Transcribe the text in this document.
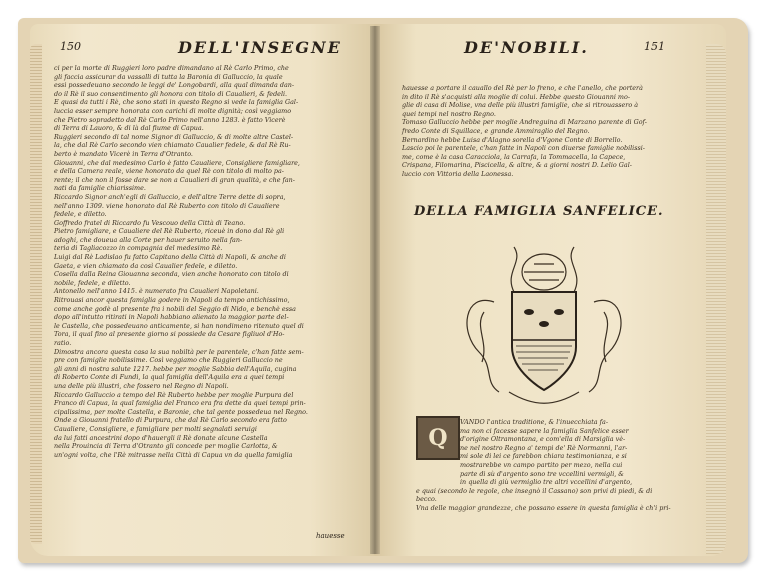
150	DELL'INSEGNE

ci per la morte di Ruggieri loro padre dimandano al Rè Carlo Primo, che

gli faccia assicurar da vassalli di tutta la Baronia di Galluccio, la quale

essi possedeuano secondo le leggi de' Longobardi, alla qual dimanda dan-

do il Rè il suo consentimento gli honora con titolo di Caualieri, & fedeli.

E quasi da tutti i Rè, che sono stati in questo Regno si vede la famiglia Gal-

luccia esser sempre honorata con carichi di molte dignità; così veggiamo

che Pietro sopradetto dal Rè Carlo Primo nell'anno 1283. è fatto Vicerè

di Terra di Lauoro, & di là dal fiume di Capua.

Ruggieri secondo di tal nome Signor di Galluccio, & di molte altre Castel-

la, che dal Rè Carlo secondo vien chiamato Caualier fedele, & dal Rè Ru-

berto è mandato Vicerè in Terra d'Otranto.

Giouanni, che dal medesimo Carlo è fatto Caualiere, Consigliere famigliare,

e della Camera reale, viene honorato da quel Rè con titolo di molto pa-

rente; il che non il fosse dare se non a Caualieri di gran qualità, e che fan-

nati da famiglie chiarissime.

Riccardo Signor anch'egli di Galluccio, e dell'altre Terre dette di sopra,

nell'anno 1309. viene honorato dal Rè Ruberto con titolo di Caualiere

fedele, e diletto.

Goffredo fratel di Riccardo fu Vescouo della Città di Teano.

Pietro famigliare, e Caualiere del Rè Ruberto, riceuè in dono dal Rè gli

adoghi, che doueua alla Corte per hauer seruito nella fan-

teria di Tagliacozzo in compagnia del medesimo Rè.

Luigi dal Rè Ladislao fu fatto Capitano della Città di Napoli, & anche di

Gaeta, e vien chiamato da così Caualier fedele, e diletto.

Cosella dalla Reina Giouanna seconda, vien anche honorato con titolo di

nobile, fedele, e diletto.

Antonello nell'anno 1415. è numerato fra Caualieri Napoletani.

Ritrouasi ancor questa famiglia godere in Napoli da tempo antichissimo,

come anche godè al presente fra i nobili del Seggio di Nido, e benchè essa

dopo all'intutto ritirati in Napoli habbiano alienato la maggior parte del-

le Castella, che possedeuano anticamente, si han nondimeno ritenuto quel di

Tora, il qual fino al presente giorno si possiede da Cesare figliuol d'Ho-

ratio.

Dimostra ancora questa casa la sua nobiltà per le parentele, c'han fatte sem-

pre con famiglie nobilissime. Così veggiamo che Ruggieri Galluccio ne

gli anni di nostra salute 1217. hebbe per moglie Sabbia dell'Aquila, cugina

di Roberto Conte di Fundi, la qual famiglia dell'Aquila era a quei tempi

una delle più illustri, che fossero nel Regno di Napoli.

Riccardo Galluccio a tempo del Rè Ruberto hebbe per moglie Purpura del

Franco di Capua, la qual famiglia del Franco era fra dette da quei tempi prin-

cipalissima, per molte Castella, e Baronie, che tal gente possedeua nel Regno.

Onde a Giouanni fratello di Purpura, che dal Rè Carlo secondo era fatto

Caualiere, Consigliere, e famigliare per molti segnalati seruigi

da lui fatti ancestrini dopo d'hauergli il Rè donate alcune Castella

nella Prouincia di Terra d'Otranto gli concede per moglie Carlotta, &

un'ogni volta, che l'Rè mitrasse nella Città di Capua vn da quella famiglia

hauesse
DE'NOBILI.	151

hauesse a portare il cauallo del Rè per lo freno, e che l'anello, che porterà

in dito il Rè s'acquisti alla moglie di colui. Hebbe questo Giouanni mo-

glie di casa di Molise, vna delle più illustri famiglie, che si ritrouassero à

quei tempi nel nostro Regno.

Tomaso Galluccio hebbe per moglie Andreguina di Marzano parente di Gof-

fredo Conte di Squillace, e grande Ammiraglio del Regno.

Bernardino hebbe Luisa d'Alagno sorella d'Vgone Conte di Borrello.

Lascio poi le parentele, c'han fatte in Napoli con diuerse famiglie nobilissi-

me, come è la casa Caracciola, la Carrafa, la Tommacella, la Capece,

Crispana, Filomarina, Piscicella, & altre, & a giorni nostri D. Lelio Gal-

luccio con Vittoria della Laonessa.

DELLA FAMIGLIA SANFELICE.
Q

VANDO l'antica traditione, & l'inuecchiata fa-

ma non ci facesse sapere la famiglia Sanfelice esser

d'origine Oltramontana, e com'ella di Marsiglia vè-

ne nel nostro Regno a' tempi de' Rè Normanni, l'ar-

mi sole di lei ce farebbon chiara testimonianza, e si

mostrarebbe vn campo partito per mezo, nella cui

parte di sù d'argento sono tre vccellini vermigli, &

in quella di giù vermiglio tre altri vccellini d'argento,

e quai (secondo le regole, che insegnò il Cassano) son privi di piedi, & di

becco.

Vna delle maggior grandezze, che possano essere in questa famiglia è ch'i pri-
